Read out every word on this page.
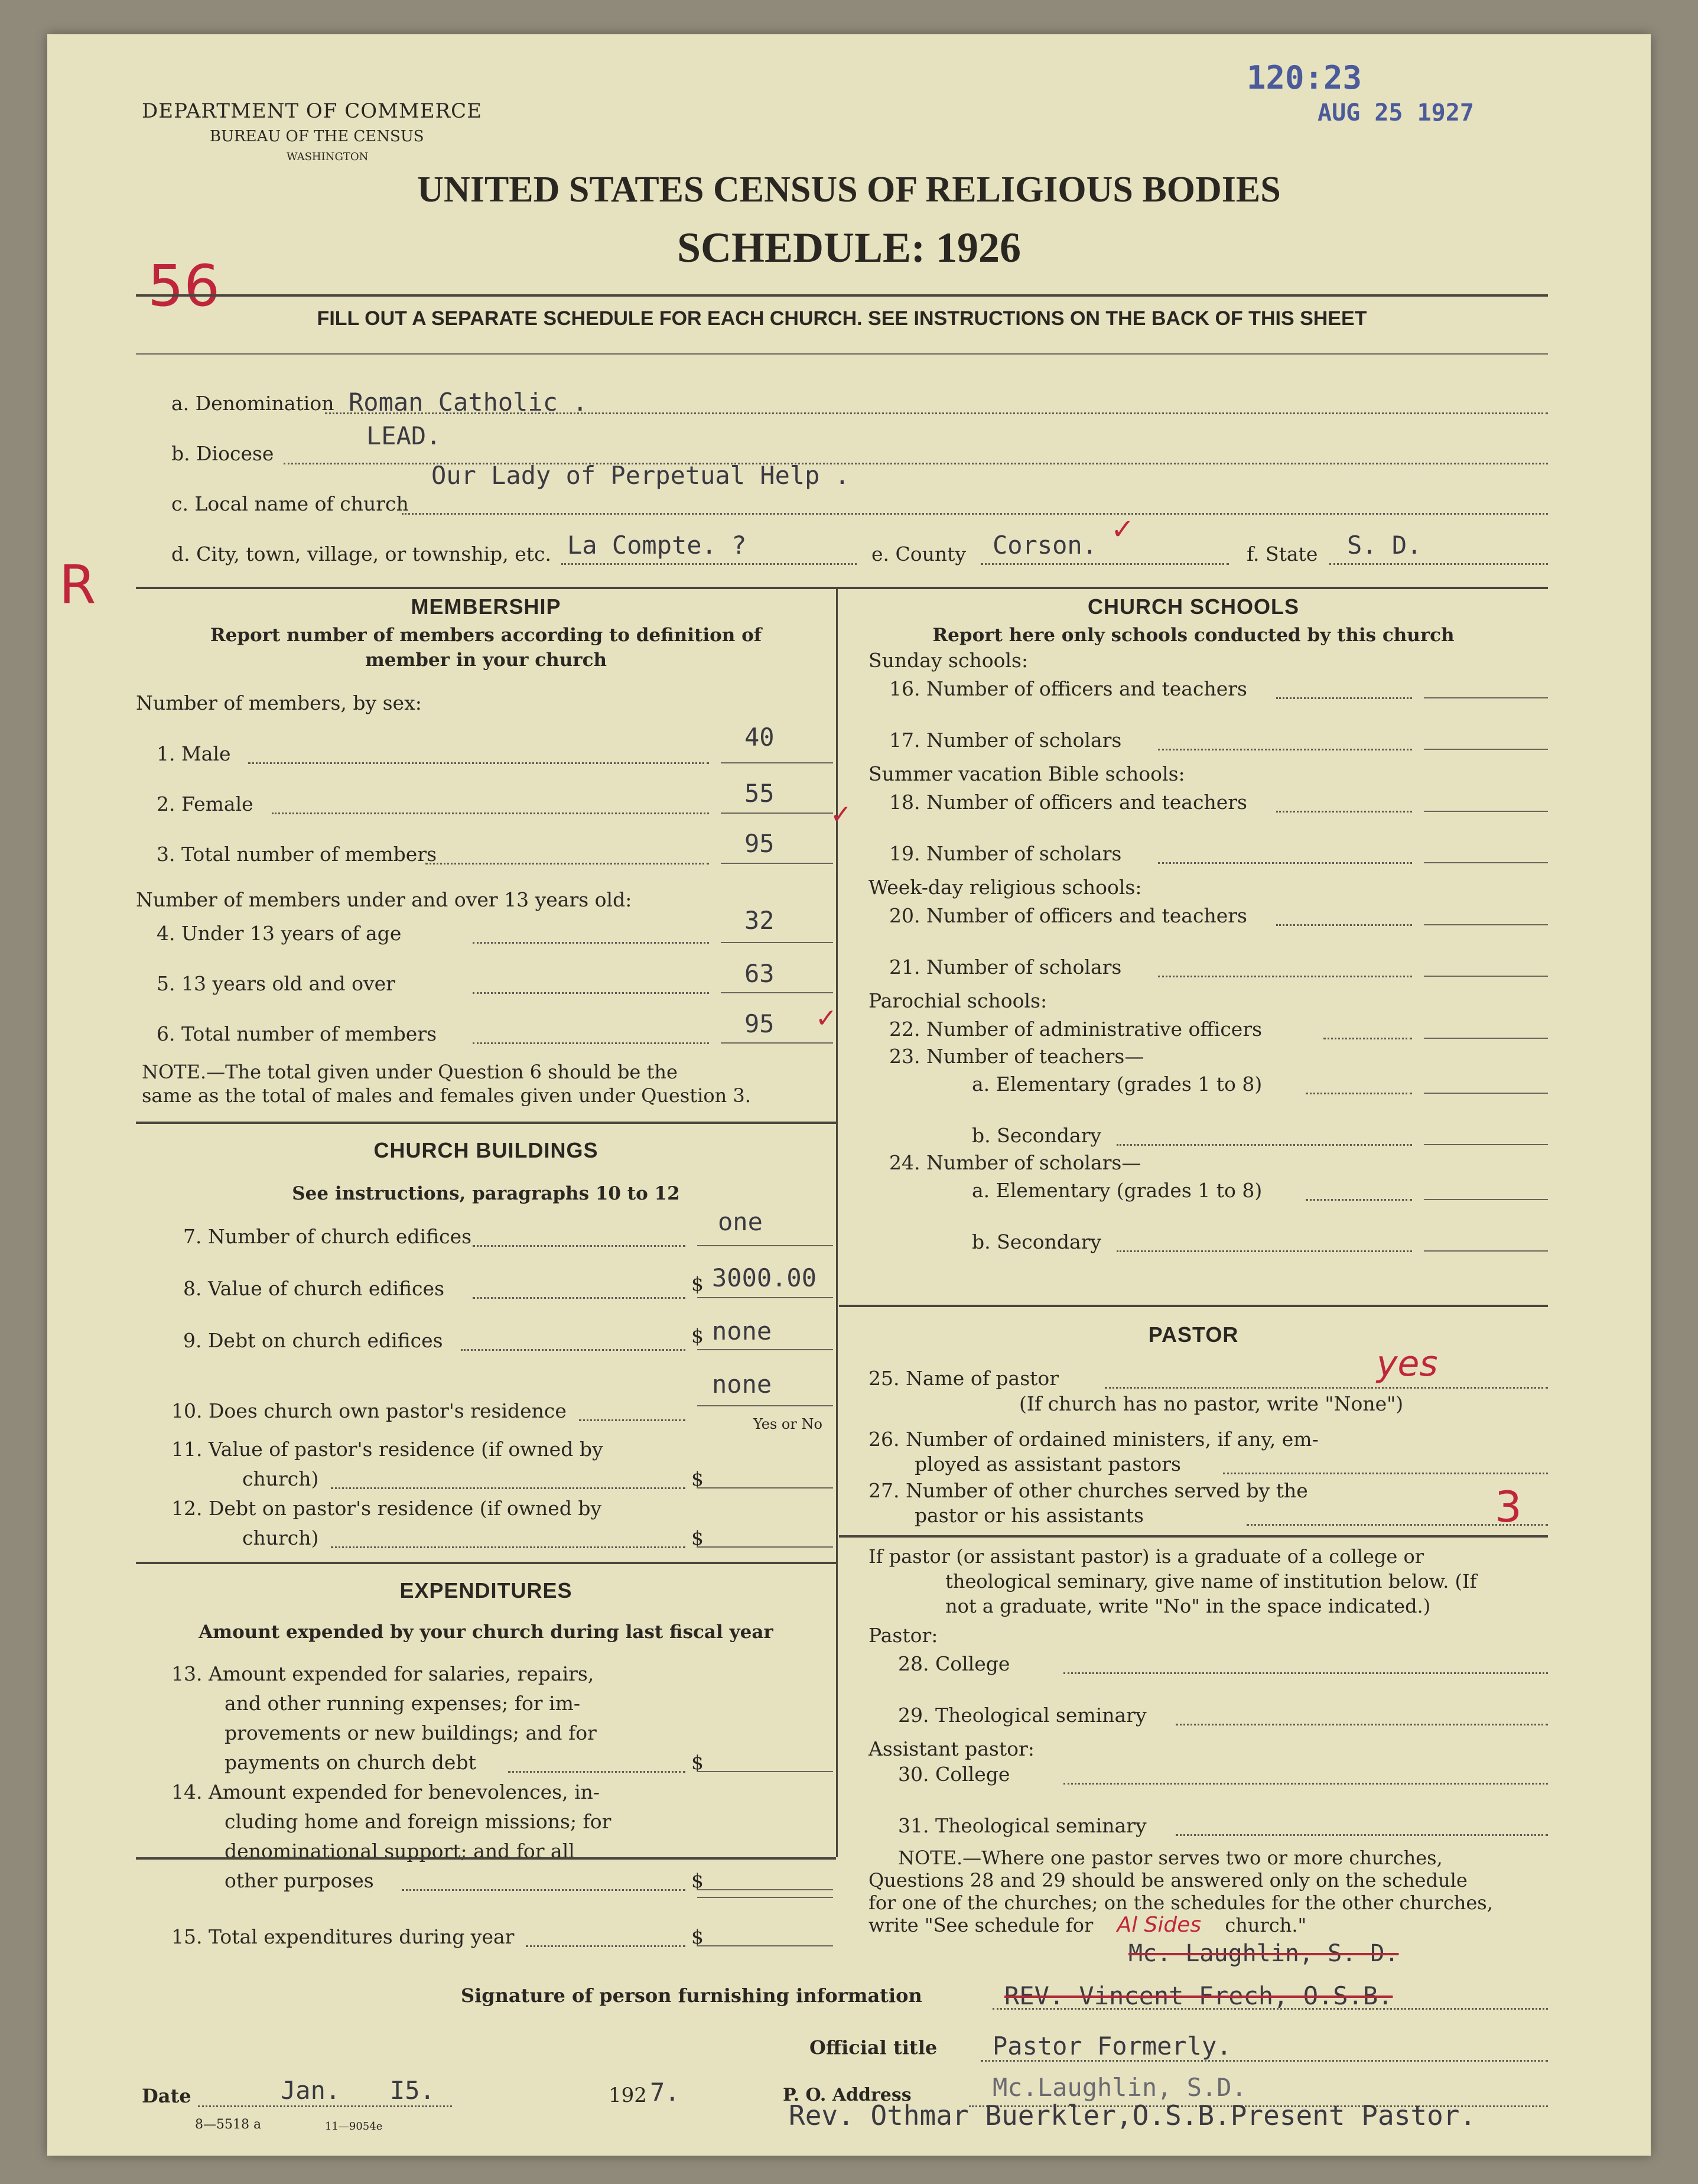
120:23
AUG 25 1927
DEPARTMENT OF COMMERCE
BUREAU OF THE CENSUS
WASHINGTON
UNITED STATES CENSUS OF RELIGIOUS BODIES
SCHEDULE: 1926
56
R
FILL OUT A SEPARATE SCHEDULE FOR EACH CHURCH. SEE INSTRUCTIONS ON THE BACK OF THIS SHEET
a. Denomination Roman Catholic .
b. Diocese
LEAD.
c. Local name of church
Our Lady of Perpetual Help .
d. City, town, village, or township, etc. La Compte. ?	e. County Corson. ✓
f. State S. D.
MEMBERSHIP
Report number of members according to definition of
member in your church
Number of members, by sex:
1. Male
40
2. Female	55
✓
3. Total number of members	95
Number of members under and over 13 years old:
4. Under 13 years of age	32
5. 13 years old and over	63
6. Total number of members	95 ✓
NOTE.—The total given under Question 6 should be the
same as the total of males and females given under Question 3.
CHURCH BUILDINGS
See instructions, paragraphs 10 to 12
7. Number of church edifices
one
8. Value of church edifices	$ 3000.00
9. Debt on church edifices	$ none
10. Does church own pastor's residence
none
Yes or No
11. Value of pastor's residence (if owned by
church)	$
12. Debt on pastor's residence (if owned by
church)	$
EXPENDITURES
Amount expended by your church during last fiscal year
13. Amount expended for salaries, repairs,
and other running expenses; for im-
provements or new buildings; and for
payments on church debt	$
14. Amount expended for benevolences, in-
cluding home and foreign missions; for
denominational support; and for all
other purposes	$
15. Total expenditures during year	$
CHURCH SCHOOLS
Report here only schools conducted by this church
Sunday schools:
16. Number of officers and teachers
17. Number of scholars
Summer vacation Bible schools:
18. Number of officers and teachers
19. Number of scholars
Week-day religious schools:
20. Number of officers and teachers
21. Number of scholars
Parochial schools:
22. Number of administrative officers
23. Number of teachers—
a. Elementary (grades 1 to 8)
b. Secondary
24. Number of scholars—
a. Elementary (grades 1 to 8)
b. Secondary
PASTOR
25. Name of pastor	yes
(If church has no pastor, write "None")
26. Number of ordained ministers, if any, em-
ployed as assistant pastors
27. Number of other churches served by the
pastor or his assistants	3
If pastor (or assistant pastor) is a graduate of a college or
theological seminary, give name of institution below. (If
not a graduate, write "No" in the space indicated.)
Pastor:
28. College
29. Theological seminary
Assistant pastor:
30. College
31. Theological seminary
NOTE.—Where one pastor serves two or more churches,
Questions 28 and 29 should be answered only on the schedule
for one of the churches; on the schedules for the other churches,
write "See schedule for Al Sides church."
Mc. Laughlin, S. D.
Signature of person furnishing information	REV. Vincent Frech, O.S.B.
Official title Pastor Formerly.
Date	Jan. I5.	192 7.	P. O. Address	Mc.Laughlin, S.D.
Rev. Othmar Buerkler,O.S.B.Present Pastor.
8—5518 a	11—9054e
